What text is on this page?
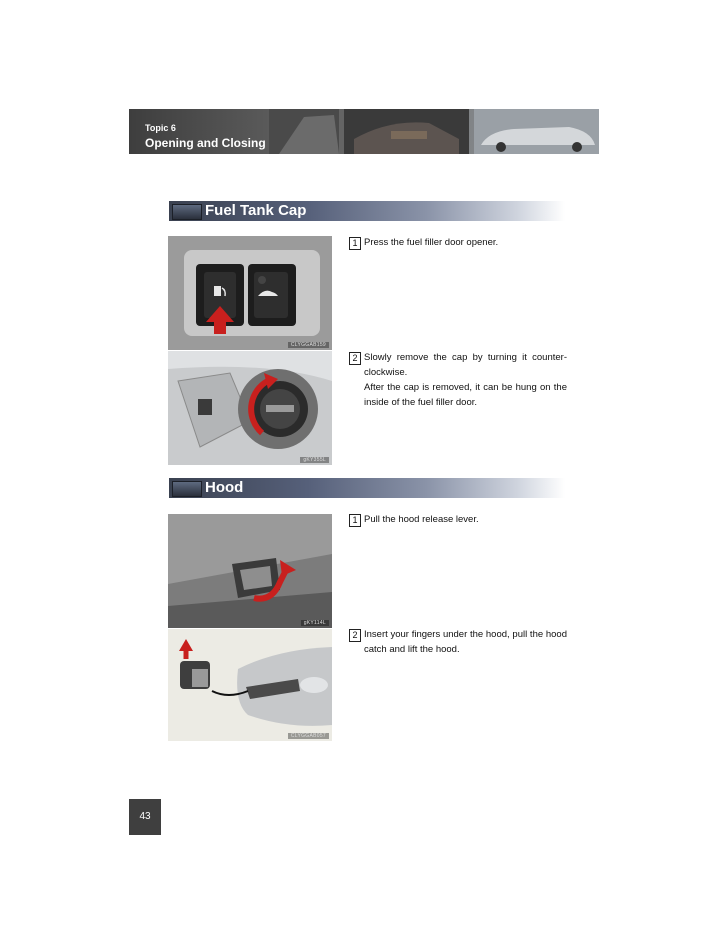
Topic 6
Opening and Closing
Fuel Tank Cap
CLYGGAB159
gKY355L
1 Press the fuel filler door opener.

2 Slowly remove the cap by turning it counter-clockwise.

After the cap is removed, it can be hung on the inside of the fuel filler door.

Hood
gKY114L
CLYGGAB057
1 Pull the hood release lever.

2 Insert your fingers under the hood, pull the hood catch and lift the hood.

43
